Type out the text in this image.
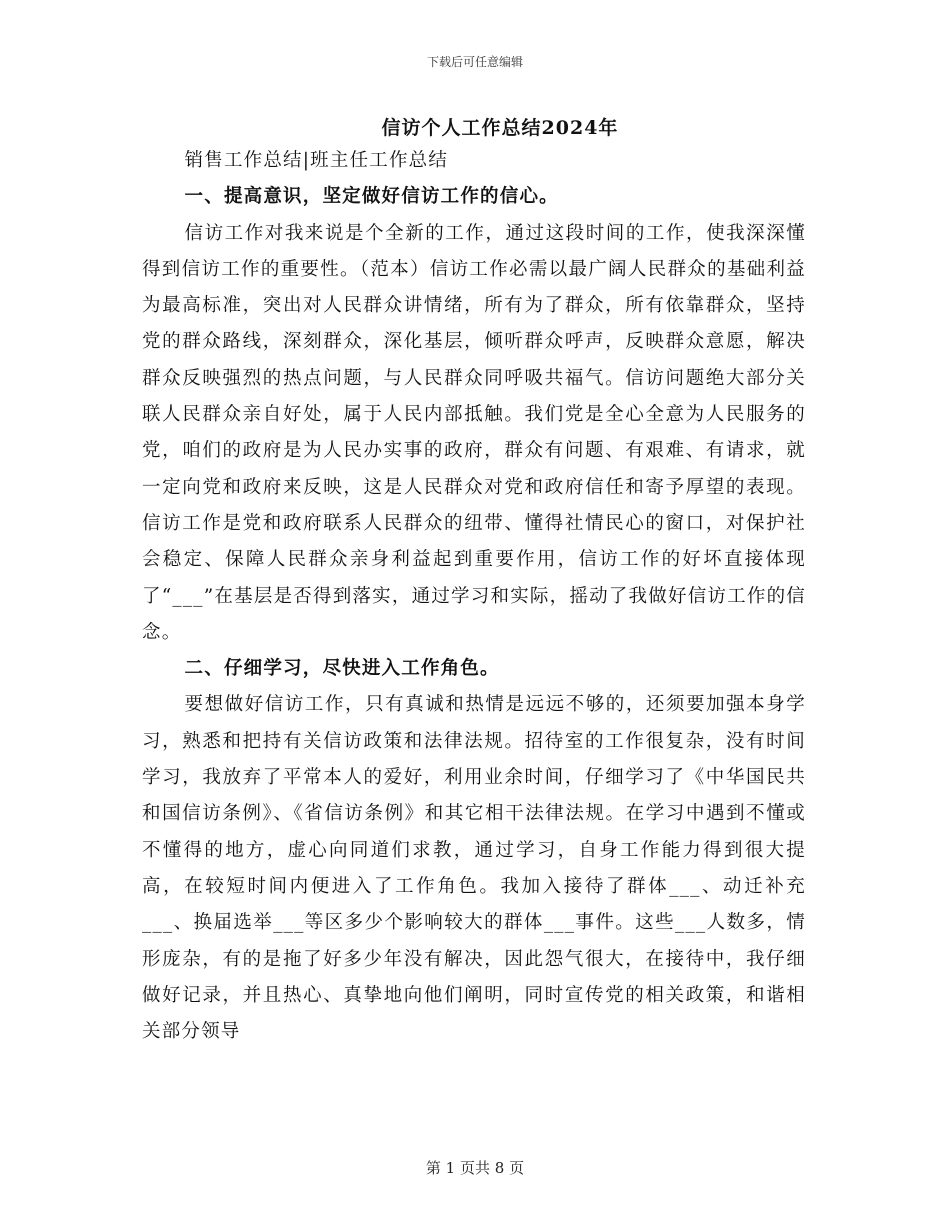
下载后可任意编辑
信访个人工作总结2024年

销售工作总结|班主任工作总结

一、提高意识，坚定做好信访工作的信心。

信访工作对我来说是个全新的工作，通过这段时间的工作，使我深深懂得到信访工作的重要性。（范本）信访工作必需以最广阔人民群众的基础利益为最高标准，突出对人民群众讲情绪，所有为了群众，所有依靠群众，坚持党的群众路线，深刻群众，深化基层，倾听群众呼声，反映群众意愿，解决群众反映强烈的热点问题，与人民群众同呼吸共福气。信访问题绝大部分关联人民群众亲自好处，属于人民内部抵触。我们党是全心全意为人民服务的党，咱们的政府是为人民办实事的政府，群众有问题、有艰难、有请求，就一定向党和政府来反映，这是人民群众对党和政府信任和寄予厚望的表现。信访工作是党和政府联系人民群众的纽带、懂得社情民心的窗口，对保护社会稳定、保障人民群众亲身利益起到重要作用，信访工作的好坏直接体现了“___”在基层是否得到落实，通过学习和实际，摇动了我做好信访工作的信念。

二、仔细学习，尽快进入工作角色。

要想做好信访工作，只有真诚和热情是远远不够的，还须要加强本身学习，熟悉和把持有关信访政策和法律法规。招待室的工作很复杂，没有时间学习，我放弃了平常本人的爱好，利用业余时间，仔细学习了《中华国民共和国信访条例》、《省信访条例》和其它相干法律法规。在学习中遇到不懂或不懂得的地方，虚心向同道们求教，通过学习，自身工作能力得到很大提高，在较短时间内便进入了工作角色。我加入接待了群体___、动迁补充___、换届选举___等区多少个影响较大的群体___事件。这些___人数多，情形庞杂，有的是拖了好多少年没有解决，因此怨气很大，在接待中，我仔细做好记录，并且热心、真挚地向他们阐明，同时宣传党的相关政策，和谐相关部分领导

第 1 页共 8 页
